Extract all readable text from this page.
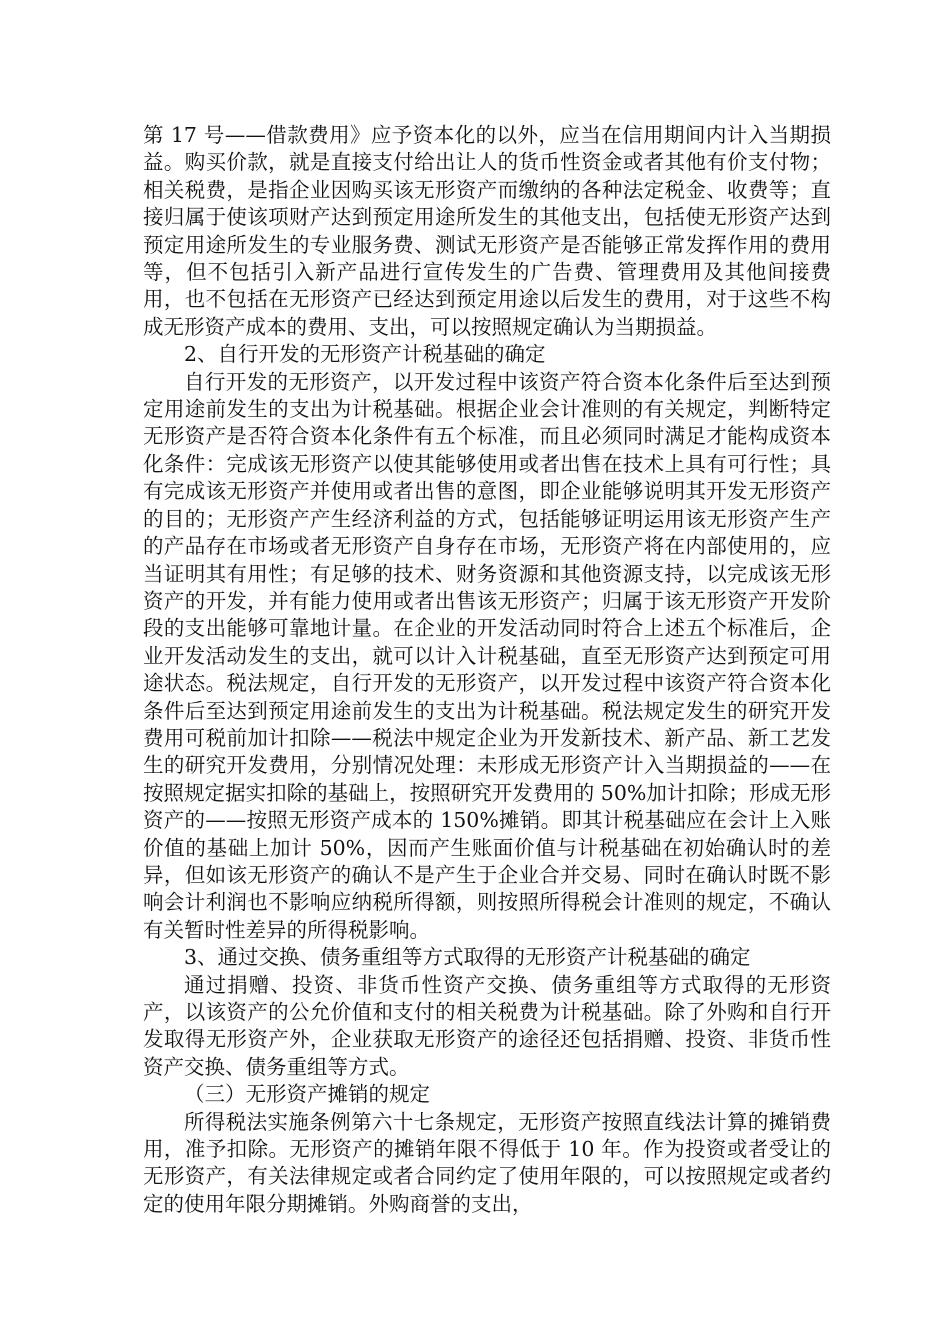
第 17 号——借款费用》应予资本化的以外，应当在信用期间内计入当期损益。购买价款，就是直接支付给出让人的货币性资金或者其他有价支付物；相关税费，是指企业因购买该无形资产而缴纳的各种法定税金、收费等；直接归属于使该项财产达到预定用途所发生的其他支出，包括使无形资产达到预定用途所发生的专业服务费、测试无形资产是否能够正常发挥作用的费用等，但不包括引入新产品进行宣传发生的广告费、管理费用及其他间接费用，也不包括在无形资产已经达到预定用途以后发生的费用，对于这些不构成无形资产成本的费用、支出，可以按照规定确认为当期损益。

2、自行开发的无形资产计税基础的确定

自行开发的无形资产，以开发过程中该资产符合资本化条件后至达到预定用途前发生的支出为计税基础。根据企业会计准则的有关规定，判断特定无形资产是否符合资本化条件有五个标准，而且必须同时满足才能构成资本化条件：完成该无形资产以使其能够使用或者出售在技术上具有可行性；具有完成该无形资产并使用或者出售的意图，即企业能够说明其开发无形资产的目的；无形资产产生经济利益的方式，包括能够证明运用该无形资产生产的产品存在市场或者无形资产自身存在市场，无形资产将在内部使用的，应当证明其有用性；有足够的技术、财务资源和其他资源支持，以完成该无形资产的开发，并有能力使用或者出售该无形资产；归属于该无形资产开发阶段的支出能够可靠地计量。在企业的开发活动同时符合上述五个标准后，企业开发活动发生的支出，就可以计入计税基础，直至无形资产达到预定可用途状态。税法规定，自行开发的无形资产，以开发过程中该资产符合资本化条件后至达到预定用途前发生的支出为计税基础。税法规定发生的研究开发费用可税前加计扣除——税法中规定企业为开发新技术、新产品、新工艺发生的研究开发费用，分别情况处理：未形成无形资产计入当期损益的——在按照规定据实扣除的基础上，按照研究开发费用的 50%加计扣除；形成无形资产的——按照无形资产成本的 150%摊销。即其计税基础应在会计上入账价值的基础上加计 50%，因而产生账面价值与计税基础在初始确认时的差异，但如该无形资产的确认不是产生于企业合并交易、同时在确认时既不影响会计利润也不影响应纳税所得额，则按照所得税会计准则的规定，不确认有关暂时性差异的所得税影响。

3、通过交换、债务重组等方式取得的无形资产计税基础的确定

通过捐赠、投资、非货币性资产交换、债务重组等方式取得的无形资产，以该资产的公允价值和支付的相关税费为计税基础。除了外购和自行开发取得无形资产外，企业获取无形资产的途径还包括捐赠、投资、非货币性资产交换、债务重组等方式。

（三）无形资产摊销的规定

所得税法实施条例第六十七条规定，无形资产按照直线法计算的摊销费用，准予扣除。无形资产的摊销年限不得低于 10 年。作为投资或者受让的无形资产，有关法律规定或者合同约定了使用年限的，可以按照规定或者约定的使用年限分期摊销。外购商誉的支出，
